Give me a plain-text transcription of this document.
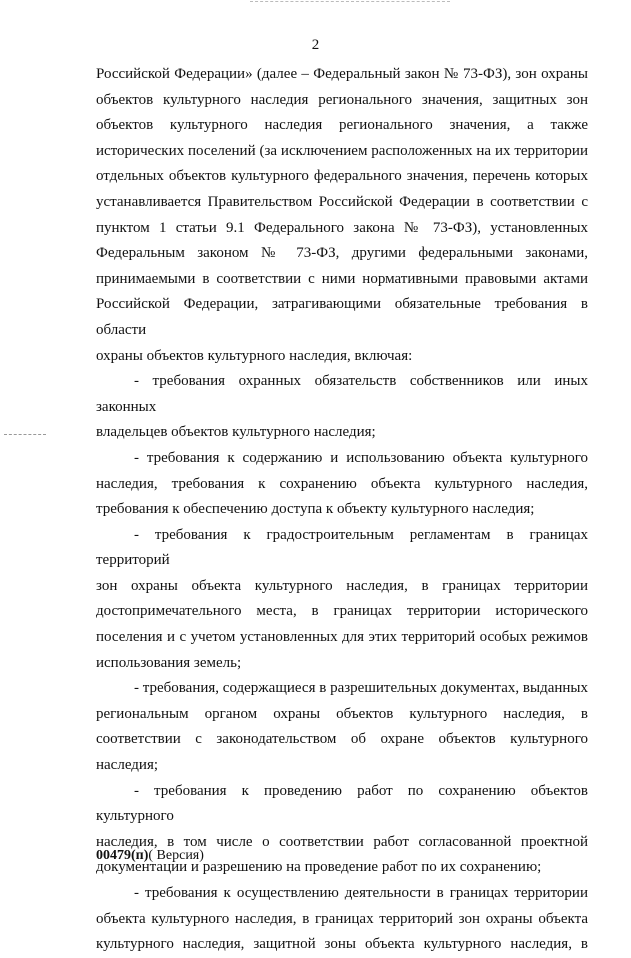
2

Российской Федерации» (далее – Федеральный закон № 73-ФЗ), зон охраны

объектов культурного наследия регионального значения, защитных зон

объектов культурного наследия регионального значения, а также

исторических поселений (за исключением расположенных на их территории

отдельных объектов культурного федерального значения, перечень которых

устанавливается Правительством Российской Федерации в соответствии с

пунктом 1 статьи 9.1 Федерального закона № 73-ФЗ), установленных

Федеральным законом № 73-ФЗ, другими федеральными законами,

принимаемыми в соответствии с ними нормативными правовыми актами

Российской Федерации, затрагивающими обязательные требования в области

охраны объектов культурного наследия, включая:

- требования охранных обязательств собственников или иных законных

владельцев объектов культурного наследия;

- требования к содержанию и использованию объекта культурного

наследия, требования к сохранению объекта культурного наследия,

требования к обеспечению доступа к объекту культурного наследия;

- требования к градостроительным регламентам в границах территорий

зон охраны объекта культурного наследия, в границах территории

достопримечательного места, в границах территории исторического

поселения и с учетом установленных для этих территорий особых режимов

использования земель;

- требования, содержащиеся в разрешительных документах, выданных

региональным органом охраны объектов культурного наследия, в

соответствии с законодательством об охране объектов культурного наследия;

- требования к проведению работ по сохранению объектов культурного

наследия, в том числе о соответствии работ согласованной проектной

документации и разрешению на проведение работ по их сохранению;

- требования к осуществлению деятельности в границах территории

объекта культурного наследия, в границах территорий зон охраны объекта

культурного наследия, защитной зоны объекта культурного наследия, в

00479(п)( Версия)
